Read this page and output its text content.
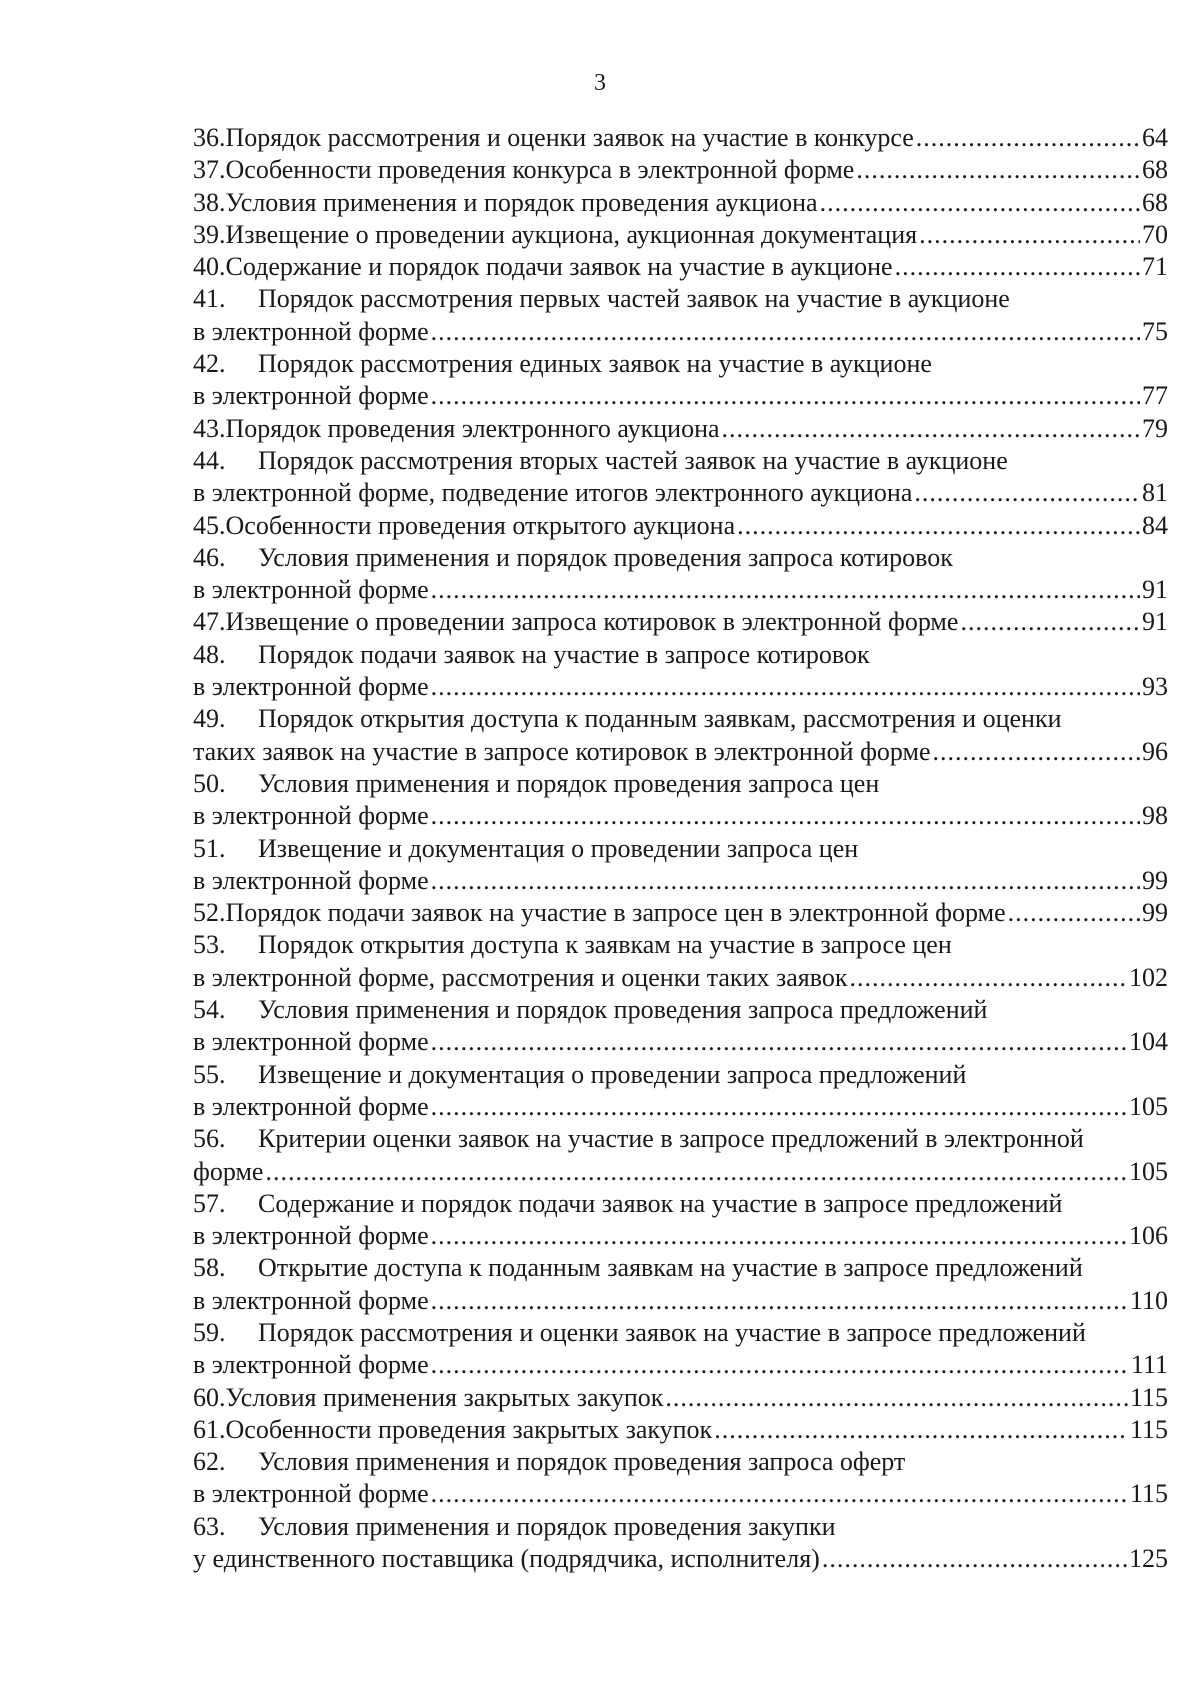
3
36. Порядок рассмотрения и оценки заявок на участие в конкурсе .....	64
37. Особенности проведения конкурса в электронной форме .....	68
38. Условия применения и порядок проведения аукциона .....	68
39. Извещение о проведении аукциона, аукционная документация .....	70
40. Содержание и порядок подачи заявок на участие в аукционе .....	71
41.	Порядок рассмотрения первых частей заявок на участие в аукционе
в электронной форме .....	75
42.	Порядок рассмотрения единых заявок на участие в аукционе
в электронной форме .....	77
43. Порядок проведения электронного аукциона .....	79
44.	Порядок рассмотрения вторых частей заявок на участие в аукционе
в электронной форме, подведение итогов электронного аукциона .....	81
45. Особенности проведения открытого аукциона .....	84
46.	Условия применения и порядок проведения запроса котировок
в электронной форме .....	91
47. Извещение о проведении запроса котировок в электронной форме .....	91
48.	Порядок подачи заявок на участие в запросе котировок
в электронной форме .....	93
49.	Порядок открытия доступа к поданным заявкам, рассмотрения и оценки
таких заявок на участие в запросе котировок в электронной форме .....	96
50.	Условия применения и порядок проведения запроса цен
в электронной форме .....	98
51.	Извещение и документация о проведении запроса цен
в электронной форме .....	99
52. Порядок подачи заявок на участие в запросе цен в электронной форме .....	99
53.	Порядок открытия доступа к заявкам на участие в запросе цен
в электронной форме, рассмотрения и оценки таких заявок .....	102
54.	Условия применения и порядок проведения запроса предложений
в электронной форме .....	104
55.	Извещение и документация о проведении запроса предложений
в электронной форме .....	105
56.	Критерии оценки заявок на участие в запросе предложений в электронной
форме .....	105
57.	Содержание и порядок подачи заявок на участие в запросе предложений
в электронной форме .....	106
58.	Открытие доступа к поданным заявкам на участие в запросе предложений
в электронной форме .....	110
59.	Порядок рассмотрения и оценки заявок на участие в запросе предложений
в электронной форме .....	111
60. Условия применения закрытых закупок .....	115
61. Особенности проведения закрытых закупок .....	115
62.	Условия применения и порядок проведения запроса оферт
в электронной форме .....	115
63.	Условия применения и порядок проведения закупки
у единственного поставщика (подрядчика, исполнителя) .....	125
